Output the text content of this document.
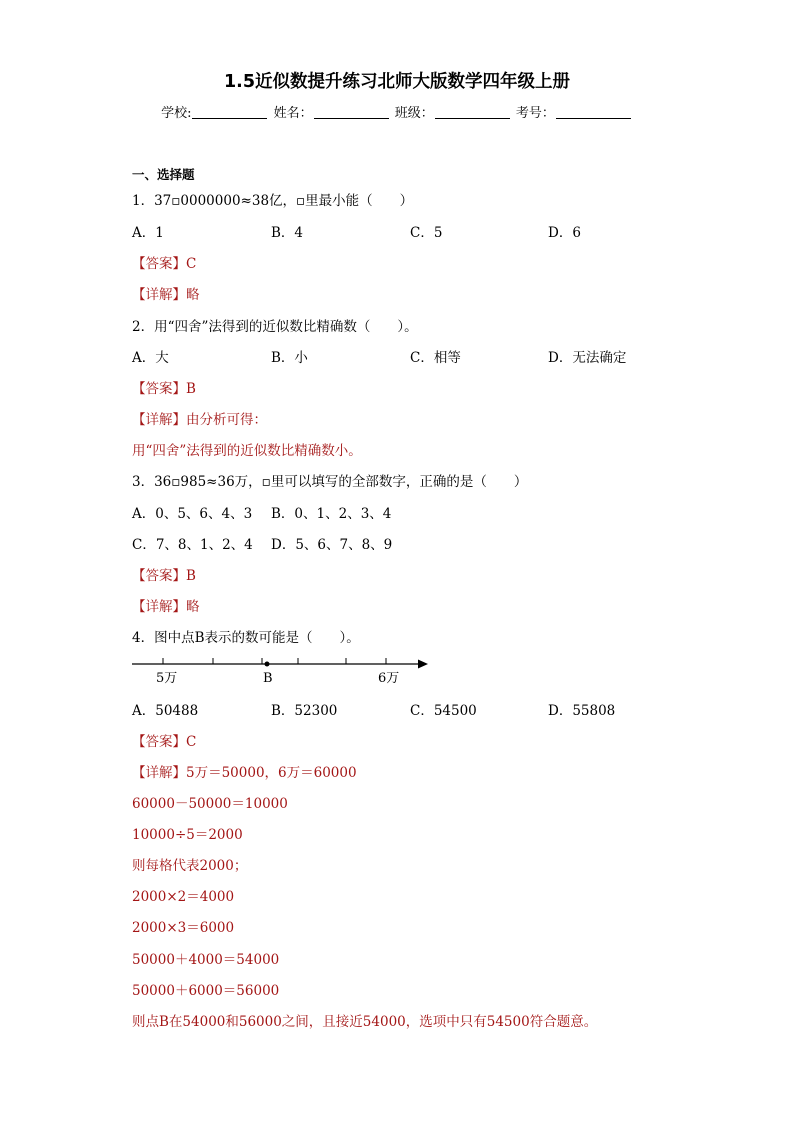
1.5近似数提升练习北师大版数学四年级上册
学校:	姓名：	班级：	考号：
一、选择题
1．37▫0000000≈38亿，▫里最小能（　　）
A．1	B．4	C．5	D．6
【答案】C
【详解】略
2．用“四舍”法得到的近似数比精确数（　　）。
A．大	B．小	C．相等	D．无法确定
【答案】B
【详解】由分析可得：
用“四舍”法得到的近似数比精确数小。
3．36▫985≈36万，▫里可以填写的全部数字，正确的是（　　）
A．0、5、6、4、3 B．0、1、2、3、4
C．7、8、1、2、4 D．5、6、7、8、9
【答案】B
【详解】略
4．图中点B表示的数可能是（　　）。
5万	B	6万
A．50488	B．52300	C．54500	D．55808
【答案】C
【详解】5万＝50000，6万＝60000
60000－50000＝10000
10000÷5＝2000
则每格代表2000；
2000×2＝4000
2000×3＝6000
50000＋4000＝54000
50000＋6000＝56000
则点B在54000和56000之间，且接近54000，选项中只有54500符合题意。
